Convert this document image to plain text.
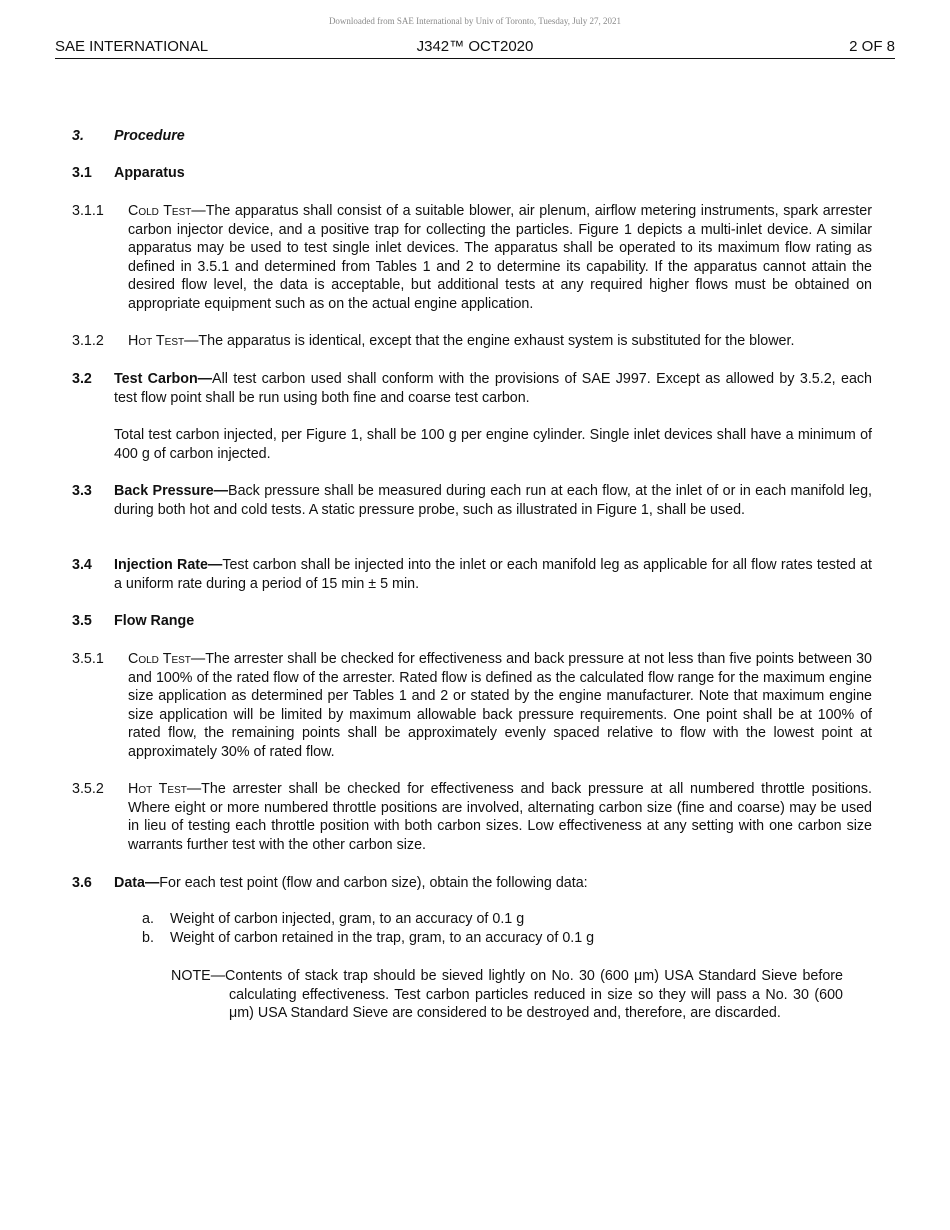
Downloaded from SAE International by Univ of Toronto, Tuesday, July 27, 2021
SAE INTERNATIONAL	J342™ OCT2020	2 OF 8
3. Procedure
3.1 Apparatus
3.1.1 Cold Test—The apparatus shall consist of a suitable blower, air plenum, airflow metering instruments, spark arrester carbon injector device, and a positive trap for collecting the particles. Figure 1 depicts a multi-inlet device. A similar apparatus may be used to test single inlet devices. The apparatus shall be operated to its maximum flow rating as defined in 3.5.1 and determined from Tables 1 and 2 to determine its capability. If the apparatus cannot attain the desired flow level, the data is acceptable, but additional tests at any required higher flows must be obtained on appropriate equipment such as on the actual engine application.
3.1.2 Hot Test—The apparatus is identical, except that the engine exhaust system is substituted for the blower.
3.2 Test Carbon—All test carbon used shall conform with the provisions of SAE J997. Except as allowed by 3.5.2, each test flow point shall be run using both fine and coarse test carbon.
Total test carbon injected, per Figure 1, shall be 100 g per engine cylinder. Single inlet devices shall have a minimum of 400 g of carbon injected.
3.3 Back Pressure—Back pressure shall be measured during each run at each flow, at the inlet of or in each manifold leg, during both hot and cold tests. A static pressure probe, such as illustrated in Figure 1, shall be used.
3.4 Injection Rate—Test carbon shall be injected into the inlet or each manifold leg as applicable for all flow rates tested at a uniform rate during a period of 15 min ± 5 min.
3.5 Flow Range
3.5.1 Cold Test—The arrester shall be checked for effectiveness and back pressure at not less than five points between 30 and 100% of the rated flow of the arrester. Rated flow is defined as the calculated flow range for the maximum engine size application as determined per Tables 1 and 2 or stated by the engine manufacturer. Note that maximum engine size application will be limited by maximum allowable back pressure requirements. One point shall be at 100% of rated flow, the remaining points shall be approximately evenly spaced relative to flow with the lowest point at approximately 30% of rated flow.
3.5.2 Hot Test—The arrester shall be checked for effectiveness and back pressure at all numbered throttle positions. Where eight or more numbered throttle positions are involved, alternating carbon size (fine and coarse) may be used in lieu of testing each throttle position with both carbon sizes. Low effectiveness at any setting with one carbon size warrants further test with the other carbon size.
3.6 Data—For each test point (flow and carbon size), obtain the following data:
a. Weight of carbon injected, gram, to an accuracy of 0.1 g
b. Weight of carbon retained in the trap, gram, to an accuracy of 0.1 g
NOTE—Contents of stack trap should be sieved lightly on No. 30 (600 μm) USA Standard Sieve before calculating effectiveness. Test carbon particles reduced in size so they will pass a No. 30 (600 μm) USA Standard Sieve are considered to be destroyed and, therefore, are discarded.
